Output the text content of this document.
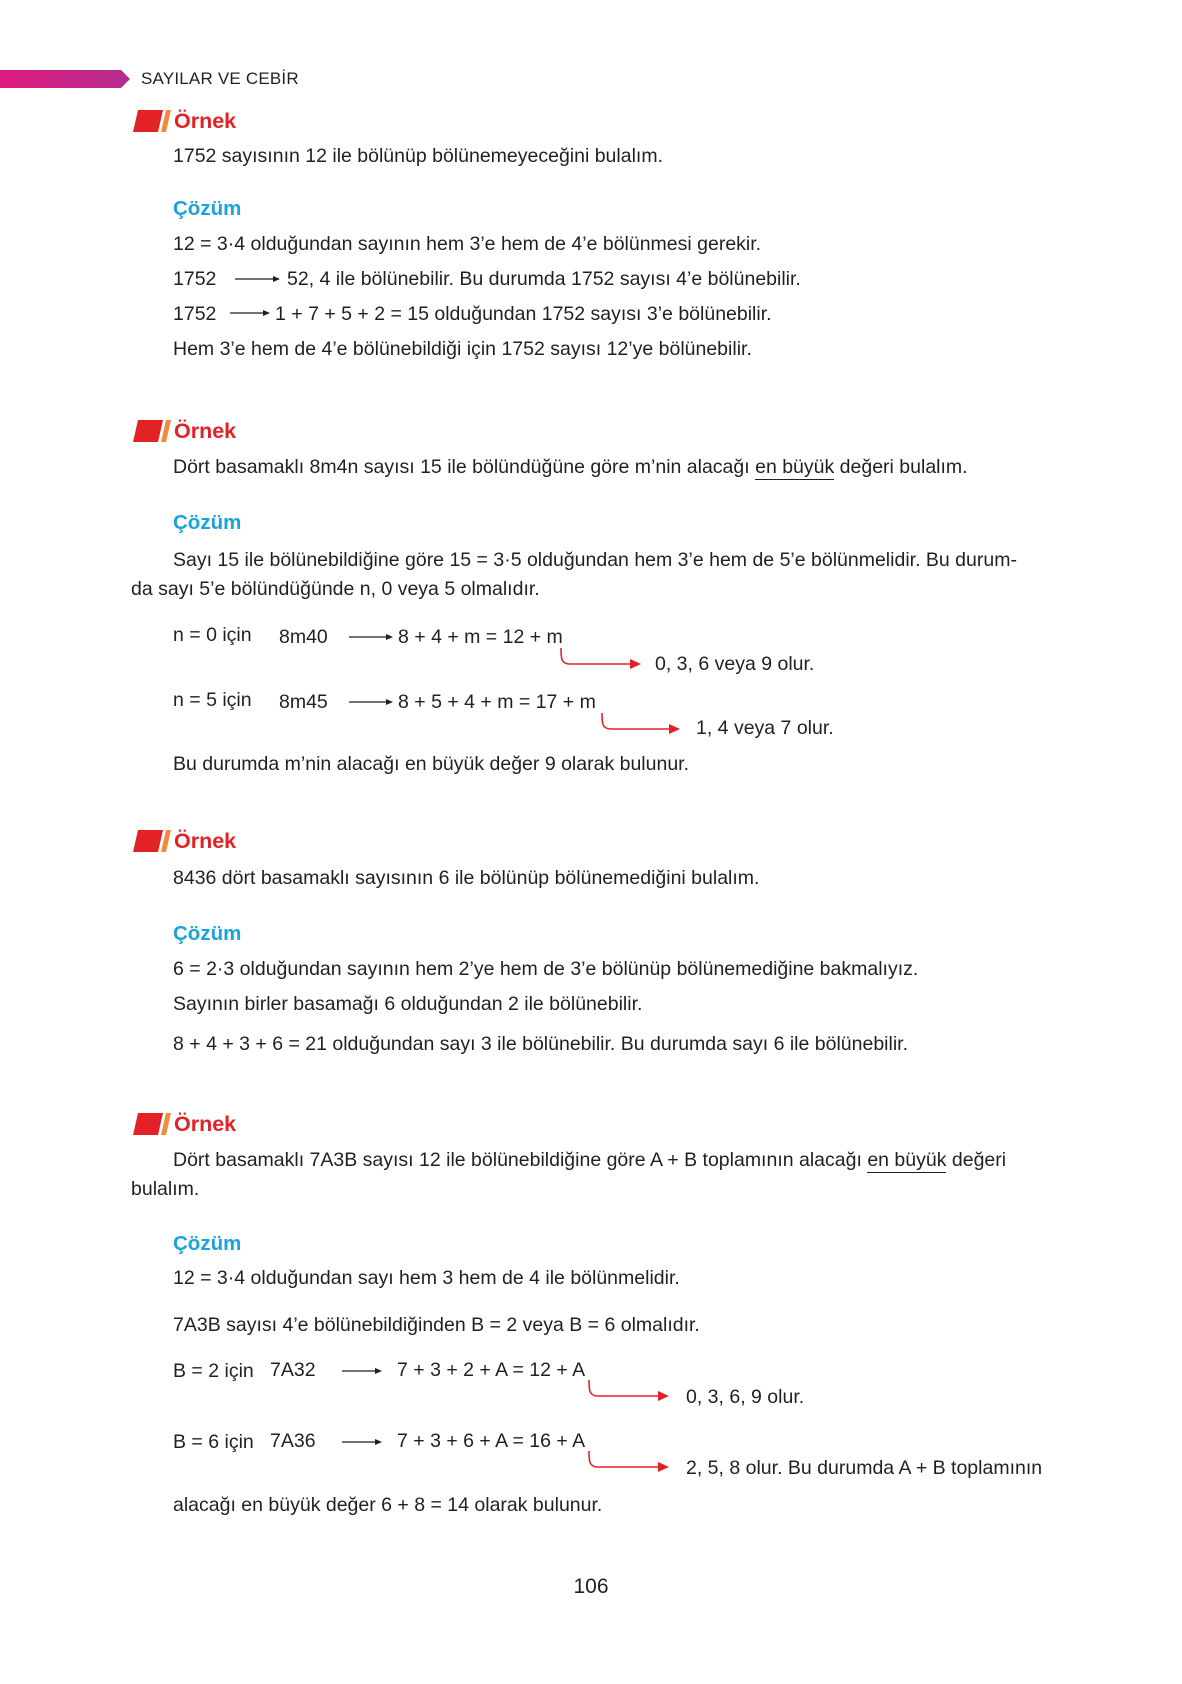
SAYILAR VE CEBİR
Örnek
1752 sayısının 12 ile bölünüp bölünemeyeceğini bulalım.
Çözüm
12 = 3·4 olduğundan sayının hem 3’e hem de 4’e bölünmesi gerekir.
1752	52, 4 ile bölünebilir. Bu durumda 1752 sayısı 4’e bölünebilir.
1752	1 + 7 + 5 + 2 = 15 olduğundan 1752 sayısı 3’e bölünebilir.
Hem 3’e hem de 4’e bölünebildiği için 1752 sayısı 12’ye bölünebilir.
Örnek
Dört basamaklı 8m4n sayısı 15 ile bölündüğüne göre m’nin alacağı en büyük değeri bulalım.
Çözüm
Sayı 15 ile bölünebildiğine göre 15 = 3·5 olduğundan hem 3’e hem de 5’e bölünmelidir. Bu durum-
da sayı 5’e bölündüğünde n, 0 veya 5 olmalıdır.
n = 0 için 8m40	8 + 4 + m = 12 + m
0, 3, 6 veya 9 olur.
n = 5 için 8m45	8 + 5 + 4 + m = 17 + m
1, 4 veya 7 olur.
Bu durumda m’nin alacağı en büyük değer 9 olarak bulunur.
Örnek
8436 dört basamaklı sayısının 6 ile bölünüp bölünemediğini bulalım.
Çözüm
6 = 2·3 olduğundan sayının hem 2’ye hem de 3’e bölünüp bölünemediğine bakmalıyız.
Sayının birler basamağı 6 olduğundan 2 ile bölünebilir.
8 + 4 + 3 + 6 = 21 olduğundan sayı 3 ile bölünebilir. Bu durumda sayı 6 ile bölünebilir.
Örnek
Dört basamaklı 7A3B sayısı 12 ile bölünebildiğine göre A + B toplamının alacağı en büyük değeri
bulalım.
Çözüm
12 = 3·4 olduğundan sayı hem 3 hem de 4 ile bölünmelidir.
7A3B sayısı 4’e bölünebildiğinden B = 2 veya B = 6 olmalıdır.
B = 2 için 7A32	7 + 3 + 2 + A = 12 + A
0, 3, 6, 9 olur.
B = 6 için 7A36	7 + 3 + 6 + A = 16 + A
2, 5, 8 olur. Bu durumda A + B toplamının
alacağı en büyük değer 6 + 8 = 14 olarak bulunur.
106
